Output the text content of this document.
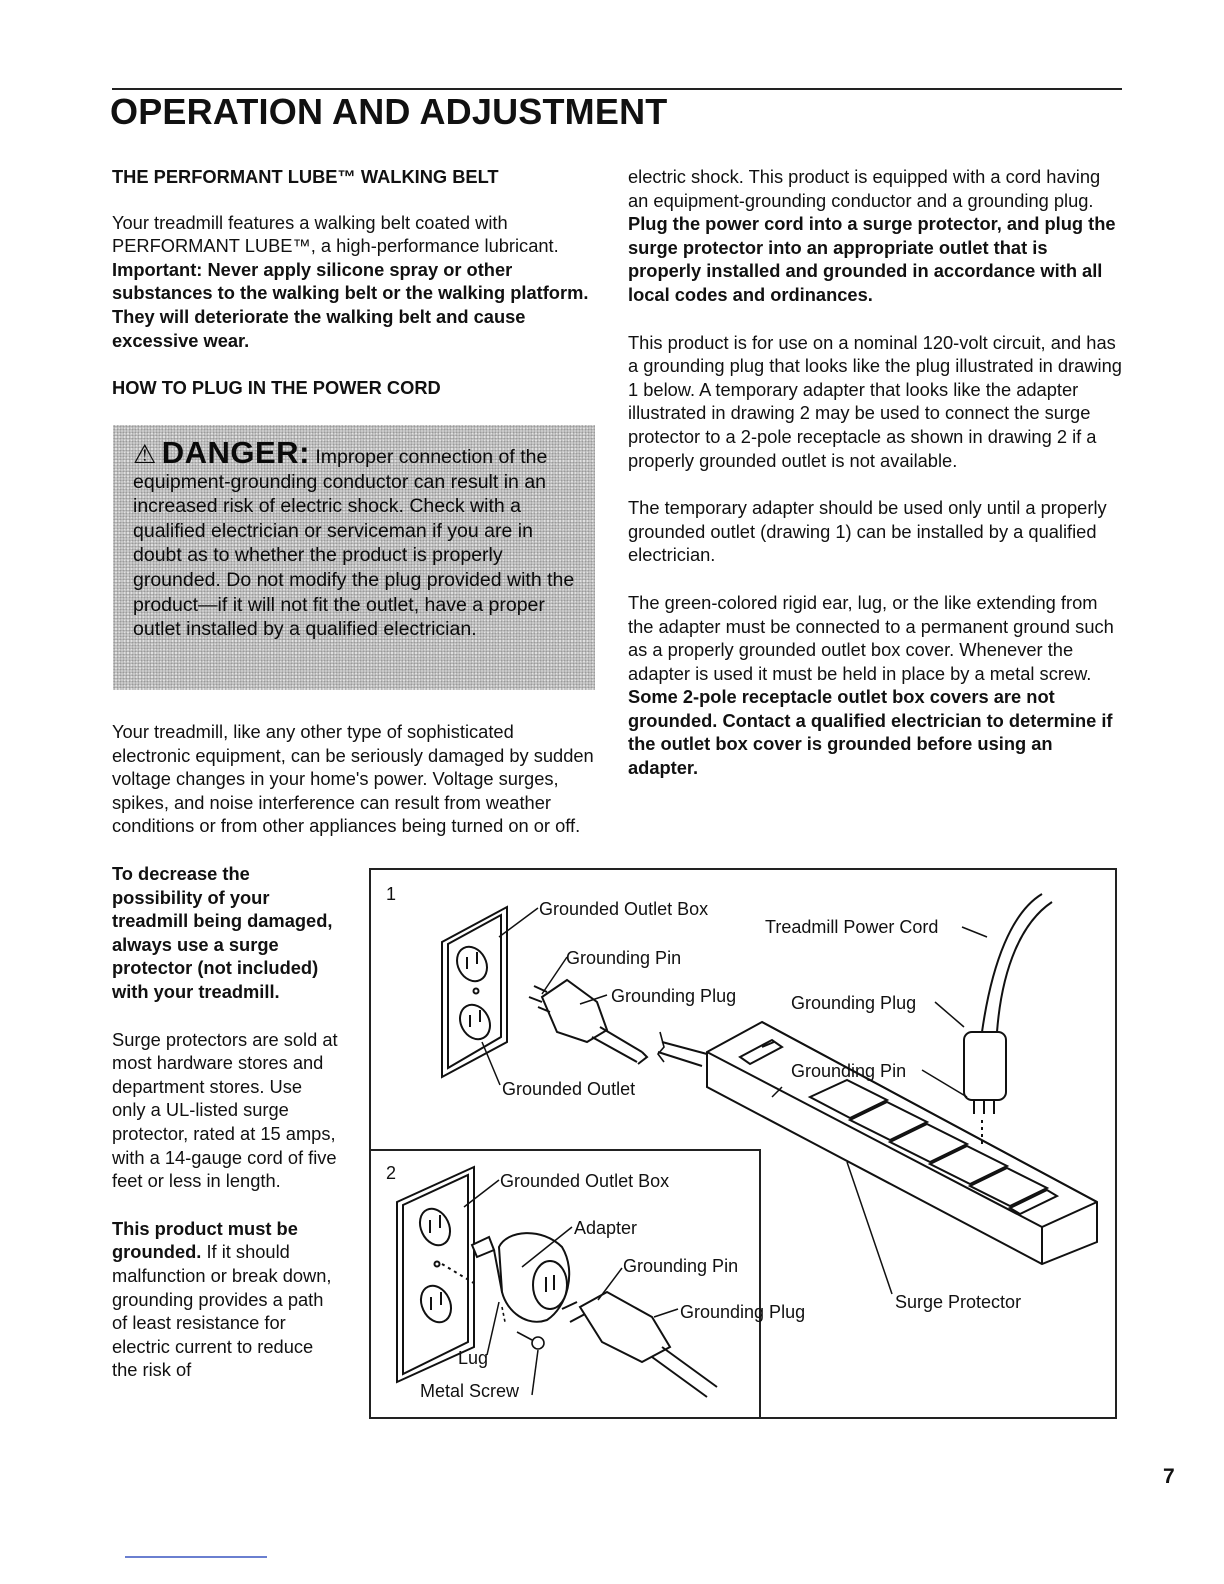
OPERATION AND ADJUSTMENT

THE PERFORMANT LUBE™ WALKING BELT

Your treadmill features a walking belt coated with PERFORMANT LUBE™, a high-performance lubricant. Important: Never apply silicone spray or other substances to the walking belt or the walking platform. They will deteriorate the walking belt and cause excessive wear.

HOW TO PLUG IN THE POWER CORD

⚠ DANGER: Improper connection of the equipment-grounding conductor can result in an increased risk of electric shock. Check with a qualified electrician or serviceman if you are in doubt as to whether the product is properly grounded. Do not modify the plug provided with the product—if it will not fit the outlet, have a proper outlet installed by a qualified electrician.

Your treadmill, like any other type of sophisticated electronic equipment, can be seriously damaged by sudden voltage changes in your home's power. Voltage surges, spikes, and noise interference can result from weather conditions or from other appliances being turned on or off.

To decrease the possibility of your treadmill being damaged, always use a surge protector (not included) with your treadmill.

Surge protectors are sold at most hardware stores and department stores. Use only a UL-listed surge protector, rated at 15 amps, with a 14-gauge cord of five feet or less in length.

This product must be grounded. If it should malfunction or break down, grounding provides a path of least resistance for electric current to reduce the risk of

electric shock. This product is equipped with a cord having an equipment-grounding conductor and a grounding plug. Plug the power cord into a surge protector, and plug the surge protector into an appropriate outlet that is properly installed and grounded in accordance with all local codes and ordinances.

This product is for use on a nominal 120-volt circuit, and has a grounding plug that looks like the plug illustrated in drawing 1 below. A temporary adapter that looks like the adapter illustrated in drawing 2 may be used to connect the surge protector to a 2-pole receptacle as shown in drawing 2 if a properly grounded outlet is not available.

The temporary adapter should be used only until a properly grounded outlet (drawing 1) can be installed by a qualified electrician.

The green-colored rigid ear, lug, or the like extending from the adapter must be connected to a permanent ground such as a properly grounded outlet box cover. Whenever the adapter is used it must be held in place by a metal screw. Some 2-pole receptacle outlet box covers are not grounded. Contact a qualified electrician to determine if the outlet box cover is grounded before using an adapter.

1
2
Grounded Outlet Box
Grounding Pin
Grounding Plug
Grounded Outlet
Treadmill Power Cord
Grounding Plug
Grounding Pin
Surge Protector
Grounded Outlet Box
Adapter
Grounding Pin
Grounding Plug
Lug
Metal Screw
7
